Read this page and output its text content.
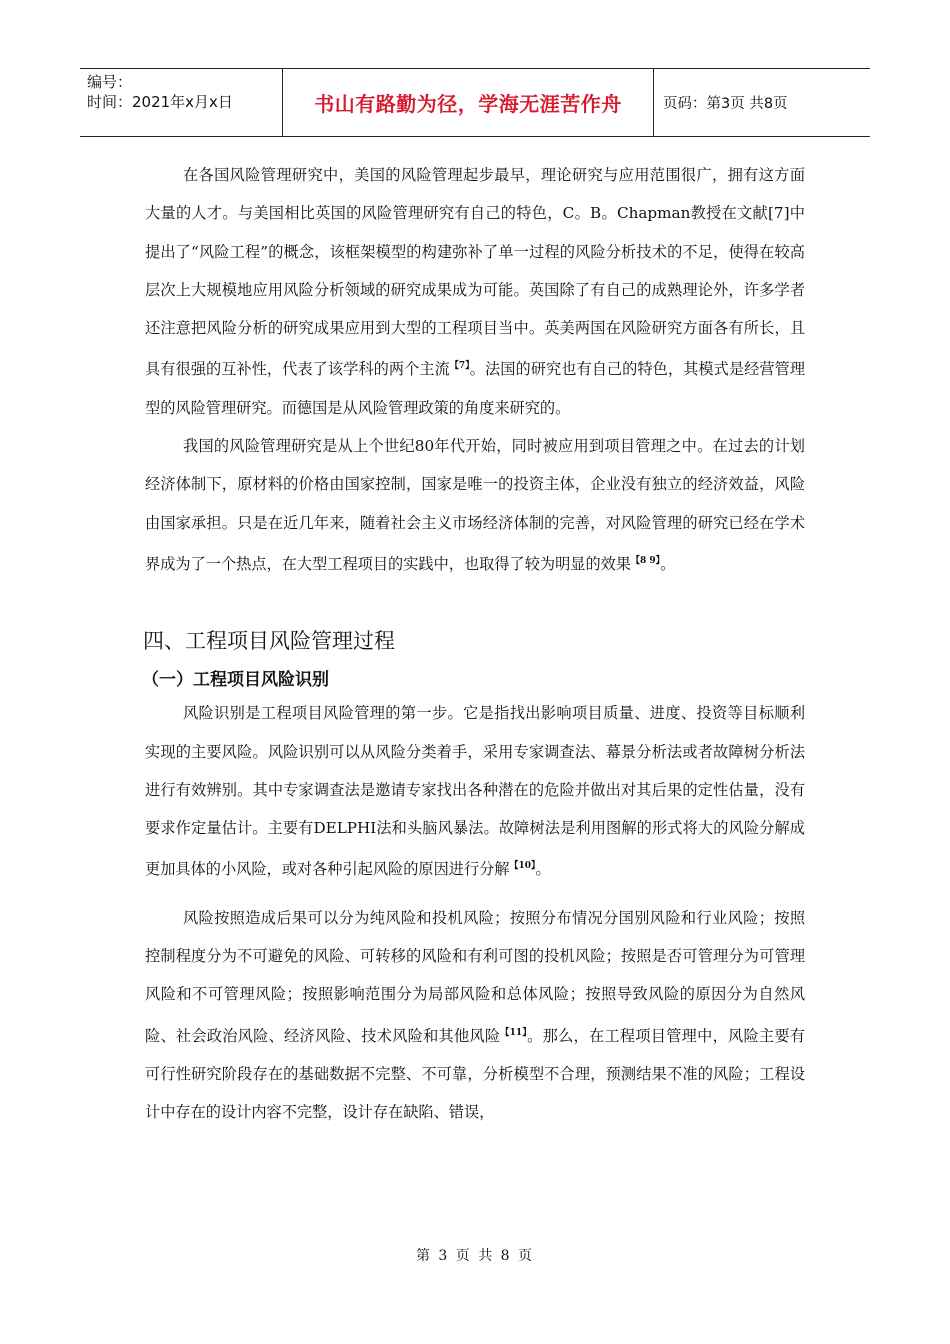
编号：
时间：2021年x月x日	书山有路勤为径，学海无涯苦作舟	页码：第3页 共8页

在各国风险管理研究中，美国的风险管理起步最早，理论研究与应用范围很广，拥有这方面大量的人才。与美国相比英国的风险管理研究有自己的特色，C。B。Chapman教授在文献[7]中提出了“风险工程”的概念，该框架模型的构建弥补了单一过程的风险分析技术的不足，使得在较高层次上大规模地应用风险分析领域的研究成果成为可能。英国除了有自己的成熟理论外，许多学者还注意把风险分析的研究成果应用到大型的工程项目当中。英美两国在风险研究方面各有所长，且具有很强的互补性，代表了该学科的两个主流$^{【7】}$。法国的研究也有自己的特色，其模式是经营管理型的风险管理研究。而德国是从风险管理政策的角度来研究的。

我国的风险管理研究是从上个世纪80年代开始，同时被应用到项目管理之中。在过去的计划经济体制下，原材料的价格由国家控制，国家是唯一的投资主体，企业没有独立的经济效益，风险由国家承担。只是在近几年来，随着社会主义市场经济体制的完善，对风险管理的研究已经在学术界成为了一个热点，在大型工程项目的实践中，也取得了较为明显的效果$^{【8 9】}$。

四、工程项目风险管理过程
（一）工程项目风险识别

风险识别是工程项目风险管理的第一步。它是指找出影响项目质量、进度、投资等目标顺利实现的主要风险。风险识别可以从风险分类着手，采用专家调查法、幕景分析法或者故障树分析法进行有效辨别。其中专家调查法是邀请专家找出各种潜在的危险并做出对其后果的定性估量，没有要求作定量估计。主要有DELPHI法和头脑风暴法。故障树法是利用图解的形式将大的风险分解成更加具体的小风险，或对各种引起风险的原因进行分解$^{【10】}$。

风险按照造成后果可以分为纯风险和投机风险；按照分布情况分国别风险和行业风险；按照控制程度分为不可避免的风险、可转移的风险和有利可图的投机风险；按照是否可管理分为可管理风险和不可管理风险；按照影响范围分为局部风险和总体风险；按照导致风险的原因分为自然风险、社会政治风险、经济风险、技术风险和其他风险$^{【11】}$。那么，在工程项目管理中，风险主要有可行性研究阶段存在的基础数据不完整、不可靠，分析模型不合理，预测结果不准的风险；工程设计中存在的设计内容不完整，设计存在缺陷、错误，

第 3 页 共 8 页
